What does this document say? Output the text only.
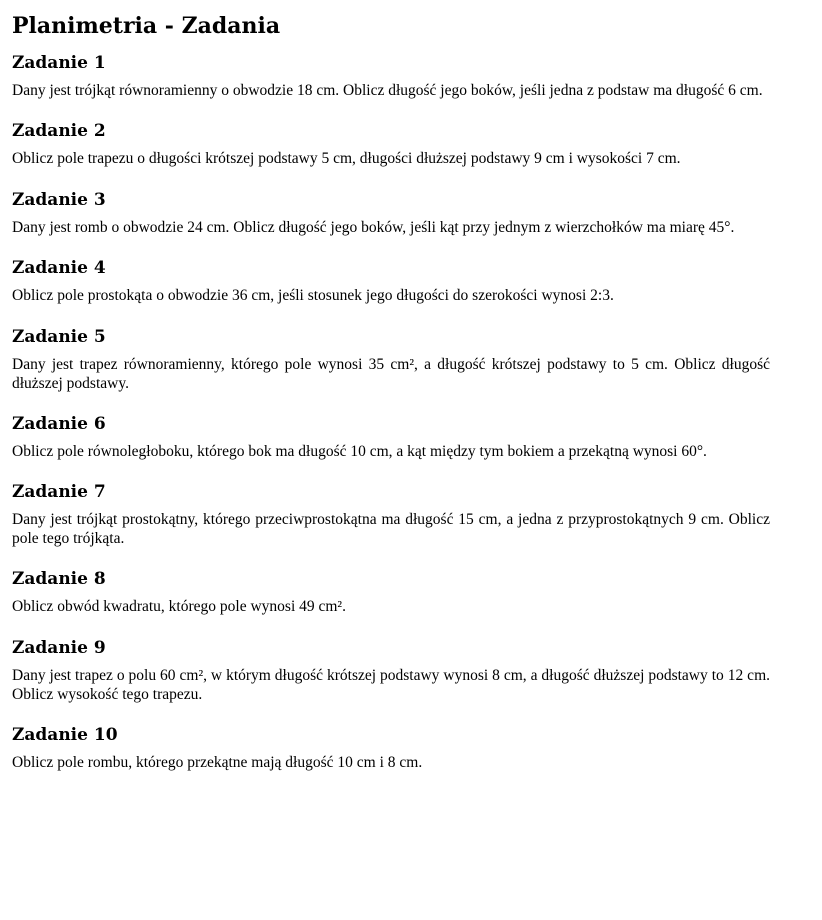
Planimetria - Zadania
Zadanie 1

Dany jest trójkąt równoramienny o obwodzie 18 cm. Oblicz długość jego boków, jeśli jedna z podstaw ma długość 6 cm.

Zadanie 2

Oblicz pole trapezu o długości krótszej podstawy 5 cm, długości dłuższej podstawy 9 cm i wysokości 7 cm.

Zadanie 3

Dany jest romb o obwodzie 24 cm. Oblicz długość jego boków, jeśli kąt przy jednym z wierzchołków ma miarę 45°.

Zadanie 4

Oblicz pole prostokąta o obwodzie 36 cm, jeśli stosunek jego długości do szerokości wynosi 2:3.

Zadanie 5

Dany jest trapez równoramienny, którego pole wynosi 35 cm², a długość krótszej podstawy to 5 cm. Oblicz długość dłuższej podstawy.

Zadanie 6

Oblicz pole równoległoboku, którego bok ma długość 10 cm, a kąt między tym bokiem a przekątną wynosi 60°.

Zadanie 7

Dany jest trójkąt prostokątny, którego przeciwprostokątna ma długość 15 cm, a jedna z przyprostokątnych 9 cm. Oblicz pole tego trójkąta.

Zadanie 8

Oblicz obwód kwadratu, którego pole wynosi 49 cm².

Zadanie 9

Dany jest trapez o polu 60 cm², w którym długość krótszej podstawy wynosi 8 cm, a długość dłuższej podstawy to 12 cm. Oblicz wysokość tego trapezu.

Zadanie 10

Oblicz pole rombu, którego przekątne mają długość 10 cm i 8 cm.
